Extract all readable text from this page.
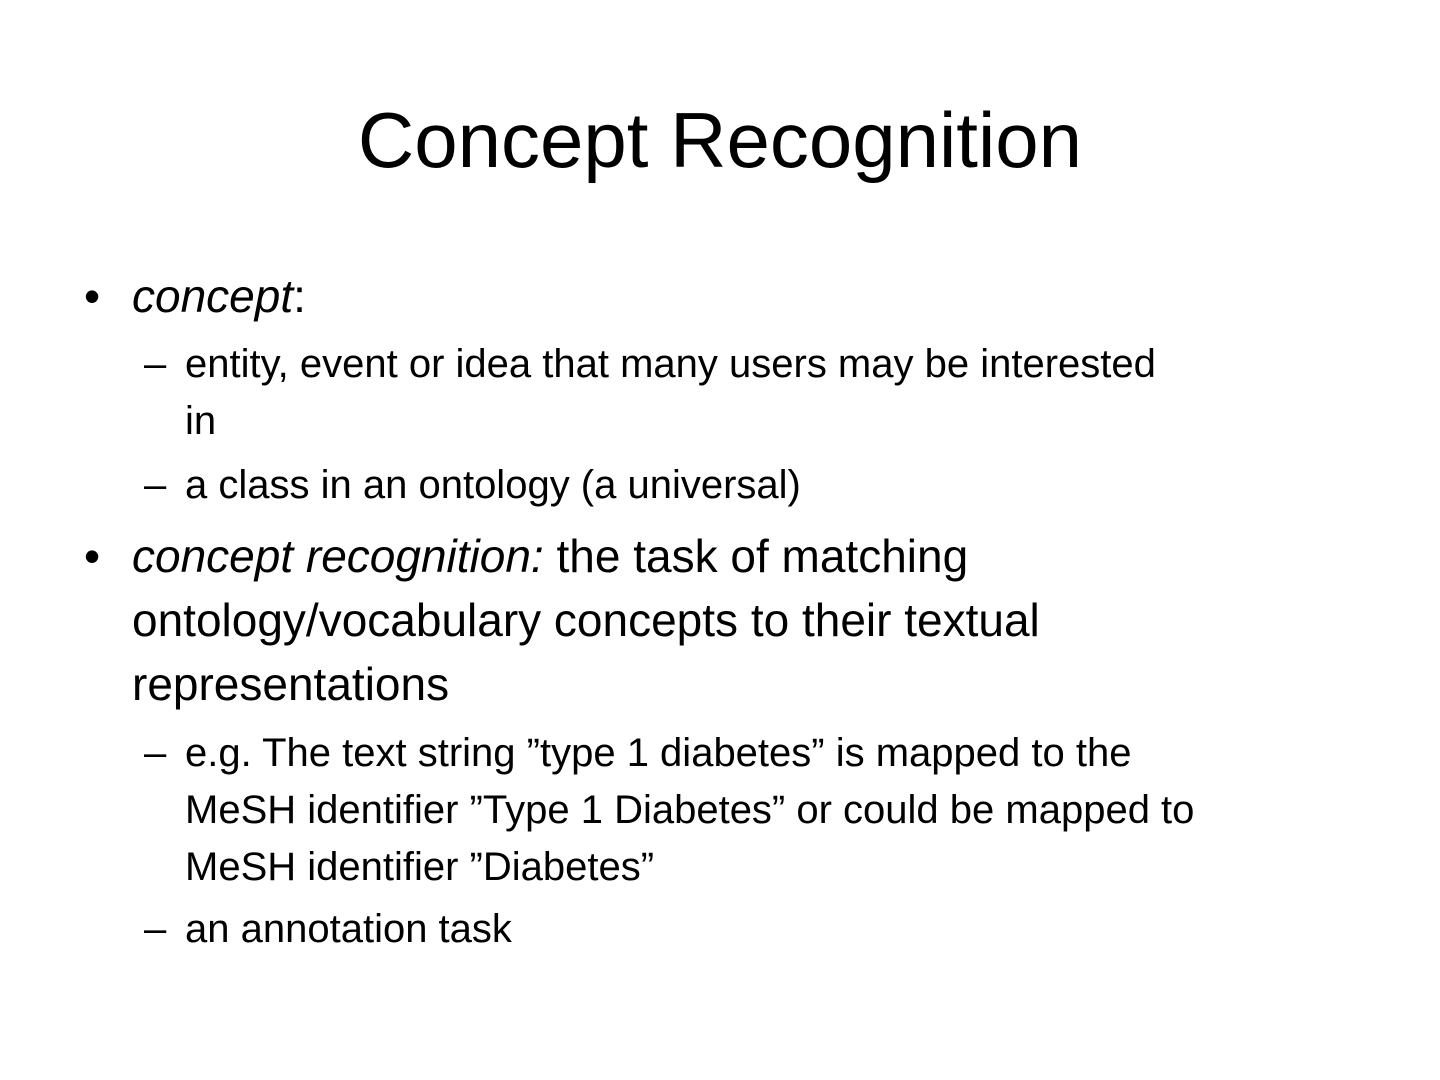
Concept Recognition
• concept:
– entity, event or idea that many users may be interested
in
– a class in an ontology (a universal)
• concept recognition: the task of matching
ontology/vocabulary concepts to their textual
representations
– e.g. The text string ”type 1 diabetes” is mapped to the
MeSH identifier ”Type 1 Diabetes” or could be mapped to
MeSH identifier ”Diabetes”
– an annotation task
